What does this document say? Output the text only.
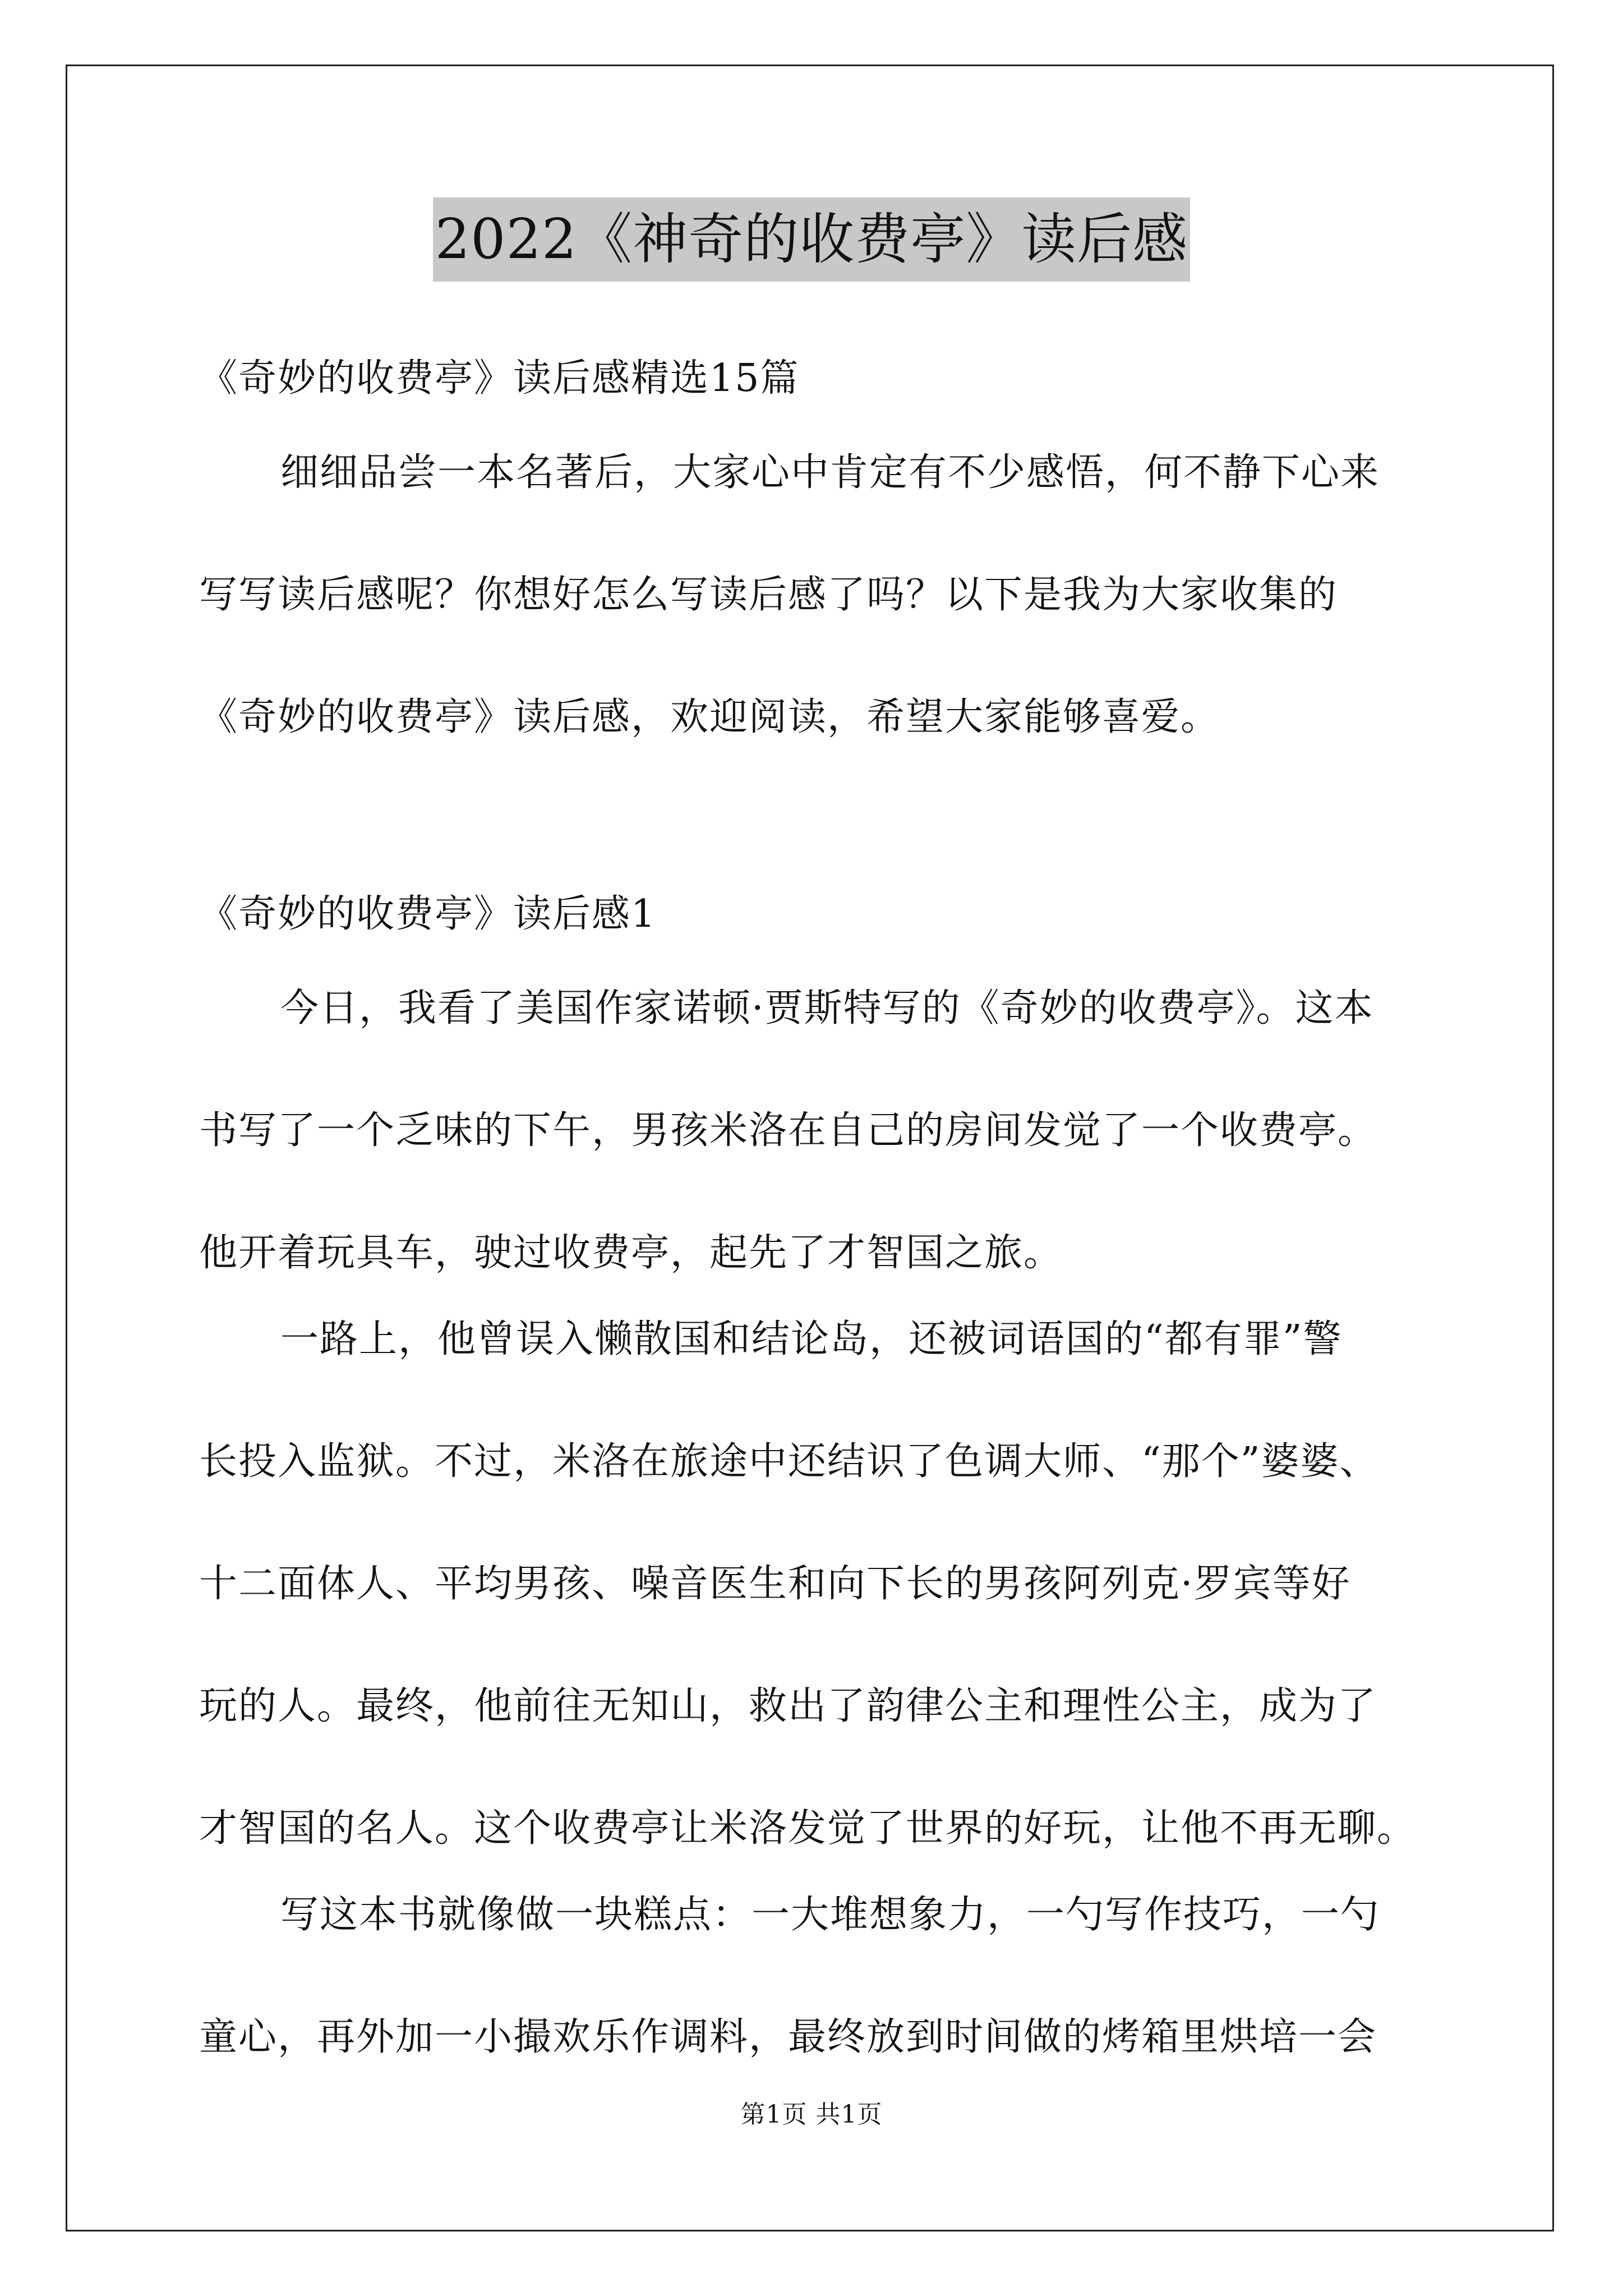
2022《神奇的收费亭》读后感
《奇妙的收费亭》读后感精选15篇
细细品尝一本名著后，大家心中肯定有不少感悟，何不静下心来
写写读后感呢？你想好怎么写读后感了吗？以下是我为大家收集的
《奇妙的收费亭》读后感，欢迎阅读，希望大家能够喜爱。
《奇妙的收费亭》读后感1
今日，我看了美国作家诺顿·贾斯特写的《奇妙的收费亭》。这本
书写了一个乏味的下午，男孩米洛在自己的房间发觉了一个收费亭。
他开着玩具车，驶过收费亭，起先了才智国之旅。
一路上，他曾误入懒散国和结论岛，还被词语国的“都有罪”警
长投入监狱。不过，米洛在旅途中还结识了色调大师、“那个”婆婆、
十二面体人、平均男孩、噪音医生和向下长的男孩阿列克·罗宾等好
玩的人。最终，他前往无知山，救出了韵律公主和理性公主，成为了
才智国的名人。这个收费亭让米洛发觉了世界的好玩，让他不再无聊。
写这本书就像做一块糕点：一大堆想象力，一勺写作技巧，一勺
童心，再外加一小撮欢乐作调料，最终放到时间做的烤箱里烘培一会
第1页 共1页
